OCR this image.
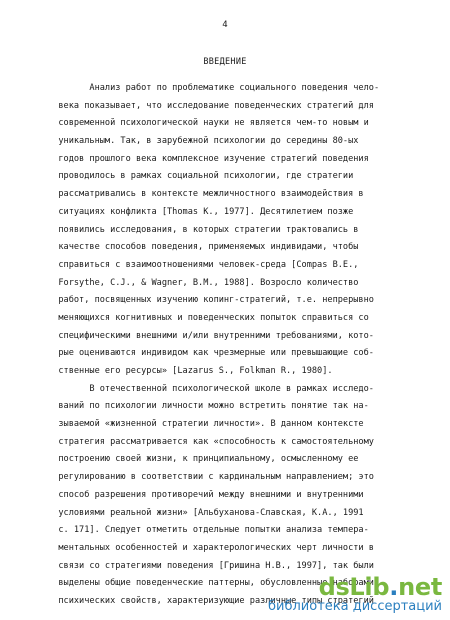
4
ВВЕДЕНИЕ
Анализ работ по проблематике социального поведения чело-
века показывает, что исследование поведенческих стратегий для
современной психологической науки не является чем-то новым и
уникальным. Так, в зарубежной психологии до середины 80-ых
годов прошлого века комплексное изучение стратегий поведения
проводилось в рамках социальной психологии, где стратегии
рассматривались в контексте межличностного взаимодействия в
ситуациях конфликта [Thomas K., 1977]. Десятилетием позже
появились исследования, в которых стратегии трактовались в
качестве способов поведения, применяемых индивидами, чтобы
справиться с взаимоотношениями человек-среда [Compas B.E.,
Forsythe, C.J., & Wagner, B.M., 1988]. Возросло количество
работ, посвященных изучению копинг-стратегий, т.е. непрерывно
меняющихся когнитивных и поведенческих попыток справиться со
специфическими внешними и/или внутренними требованиями, кото-
рые оцениваются индивидом как чрезмерные или превышающие соб-
ственные его ресурсы» [Lazarus S., Folkman R., 1980].
В отечественной психологической школе в рамках исследо-
ваний по психологии личности можно встретить понятие так на-
зываемой «жизненной стратегии личности». В данном контексте
стратегия рассматривается как «способность к самостоятельному
построению своей жизни, к принципиальному, осмысленному ее
регулированию в соответствии с кардинальным направлением; это
способ разрешения противоречий между внешними и внутренними
условиями реальной жизни» [Альбуханова-Славская, К.А., 1991
с. 171]. Следует отметить отдельные попытки анализа темпера-
ментальных особенностей и характерологических черт личности в
связи со стратегиями поведения [Гришина Н.В., 1997], так были
выделены общие поведенческие паттерны, обусловленные наборами
психических свойств, характеризующие различные типы стратегий
dsLib.net
библиотека диссертаций
